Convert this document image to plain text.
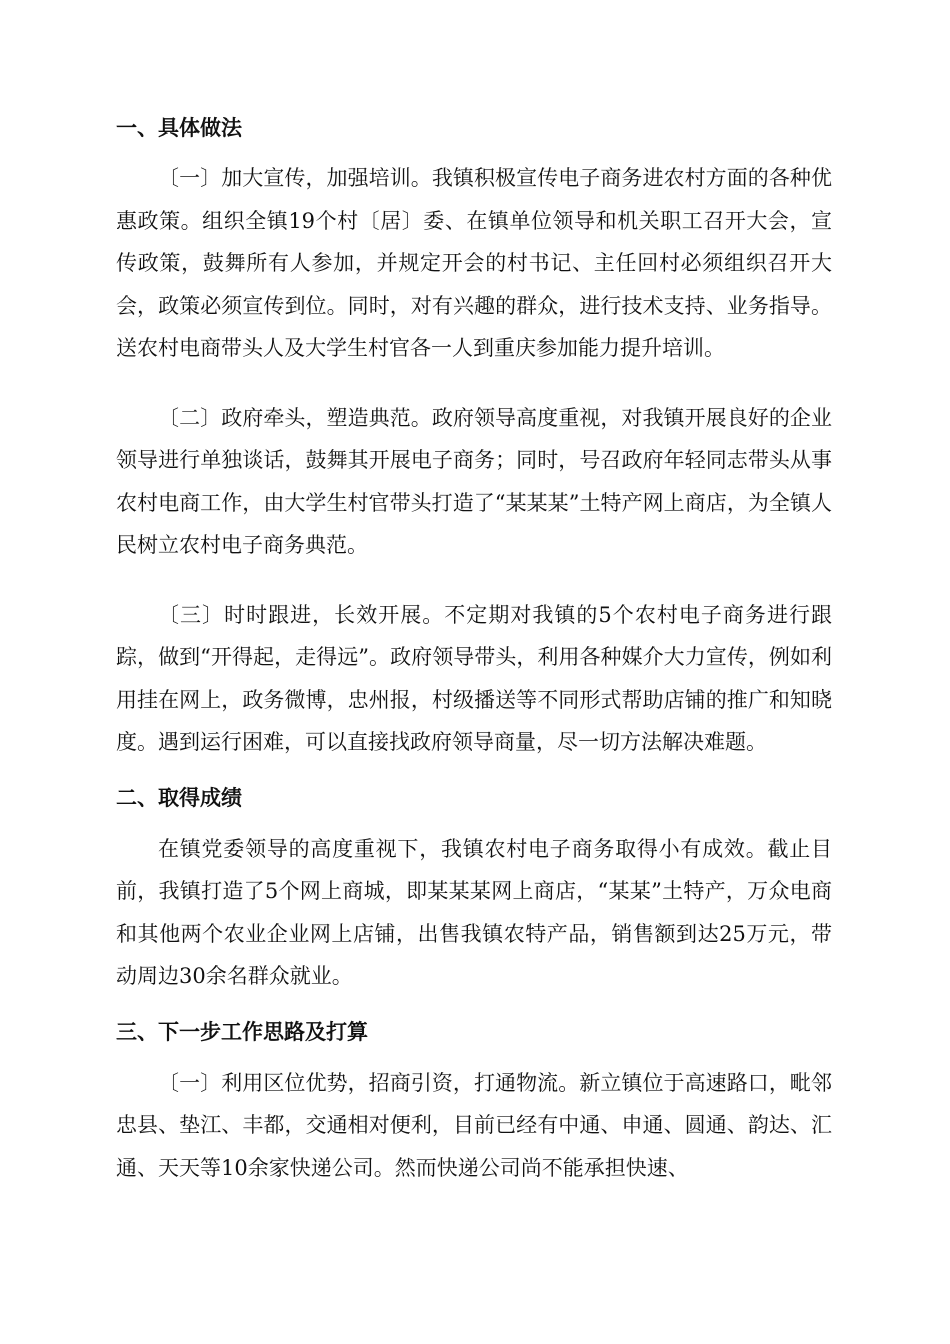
一、具体做法

〔一〕加大宣传，加强培训。我镇积极宣传电子商务进农村方面的各种优惠政策。组织全镇19个村〔居〕委、在镇单位领导和机关职工召开大会，宣传政策，鼓舞所有人参加，并规定开会的村书记、主任回村必须组织召开大会，政策必须宣传到位。同时，对有兴趣的群众，进行技术支持、业务指导。送农村电商带头人及大学生村官各一人到重庆参加能力提升培训。

〔二〕政府牵头，塑造典范。政府领导高度重视，对我镇开展良好的企业领导进行单独谈话，鼓舞其开展电子商务；同时，号召政府年轻同志带头从事农村电商工作，由大学生村官带头打造了“某某某”土特产网上商店，为全镇人民树立农村电子商务典范。

〔三〕时时跟进，长效开展。不定期对我镇的5个农村电子商务进行跟踪，做到“开得起，走得远”。政府领导带头，利用各种媒介大力宣传，例如利用挂在网上，政务微博，忠州报，村级播送等不同形式帮助店铺的推广和知晓度。遇到运行困难，可以直接找政府领导商量，尽一切方法解决难题。

二、取得成绩

在镇党委领导的高度重视下，我镇农村电子商务取得小有成效。截止目前，我镇打造了5个网上商城，即某某某网上商店，“某某”土特产，万众电商和其他两个农业企业网上店铺，出售我镇农特产品，销售额到达25万元，带动周边30余名群众就业。

三、下一步工作思路及打算

〔一〕利用区位优势，招商引资，打通物流。新立镇位于高速路口，毗邻忠县、垫江、丰都，交通相对便利，目前已经有中通、申通、圆通、韵达、汇通、天天等10余家快递公司。然而快递公司尚不能承担快速、
